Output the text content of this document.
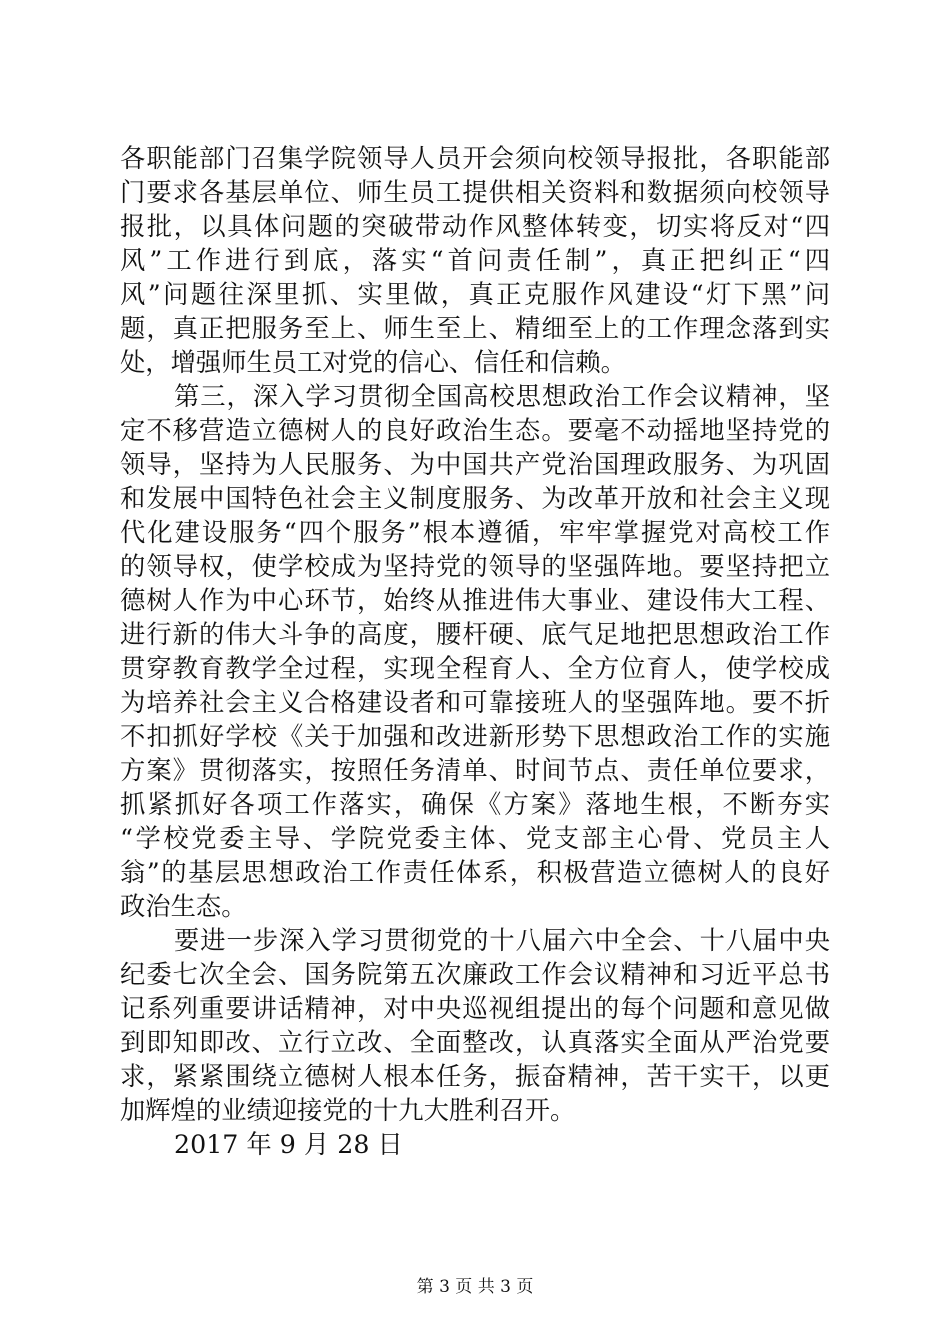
各职能部门召集学院领导人员开会须向校领导报批，各职能部
门要求各基层单位、师生员工提供相关资料和数据须向校领导
报批，以具体问题的突破带动作风整体转变，切实将反对“四
风”工作进行到底，落实“首问责任制”，真正把纠正“四
风”问题往深里抓、实里做，真正克服作风建设“灯下黑”问
题，真正把服务至上、师生至上、精细至上的工作理念落到实
处，增强师生员工对党的信心、信任和信赖。
第三，深入学习贯彻全国高校思想政治工作会议精神，坚
定不移营造立德树人的良好政治生态。要毫不动摇地坚持党的
领导，坚持为人民服务、为中国共产党治国理政服务、为巩固
和发展中国特色社会主义制度服务、为改革开放和社会主义现
代化建设服务“四个服务”根本遵循，牢牢掌握党对高校工作
的领导权，使学校成为坚持党的领导的坚强阵地。要坚持把立
德树人作为中心环节，始终从推进伟大事业、建设伟大工程、
进行新的伟大斗争的高度，腰杆硬、底气足地把思想政治工作
贯穿教育教学全过程，实现全程育人、全方位育人，使学校成
为培养社会主义合格建设者和可靠接班人的坚强阵地。要不折
不扣抓好学校《关于加强和改进新形势下思想政治工作的实施
方案》贯彻落实，按照任务清单、时间节点、责任单位要求，
抓紧抓好各项工作落实，确保《方案》落地生根，不断夯实
“学校党委主导、学院党委主体、党支部主心骨、党员主人
翁”的基层思想政治工作责任体系，积极营造立德树人的良好
政治生态。
要进一步深入学习贯彻党的十八届六中全会、十八届中央
纪委七次全会、国务院第五次廉政工作会议精神和习近平总书
记系列重要讲话精神，对中央巡视组提出的每个问题和意见做
到即知即改、立行立改、全面整改，认真落实全面从严治党要
求，紧紧围绕立德树人根本任务，振奋精神，苦干实干，以更
加辉煌的业绩迎接党的十九大胜利召开。
2017 年 9 月 28 日
第 3 页 共 3 页
